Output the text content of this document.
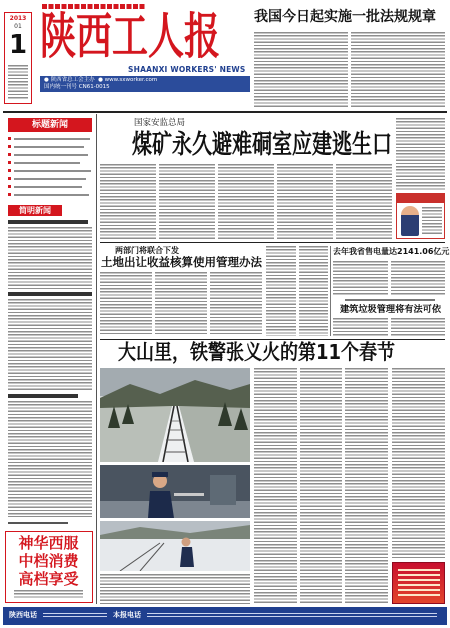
2013
01
1 陕西工人报
SHAANXI WORKERS' NEWS
● 陕西省总工会主办  ● www.sxworker.com
国内统一刊号 CN61-0015
我国今日起实施一批法规规章
标题新闻
简明新闻
神华西服
中档消费
高档享受
国家安监总局
煤矿永久避难硐室应建逃生口
两部门将联合下发
土地出让收益核算使用管理办法
去年我省售电量达2141.06亿元
建筑垃圾管理将有法可依
大山里，铁警张义火的第11个春节
陕西电话	本报电话
